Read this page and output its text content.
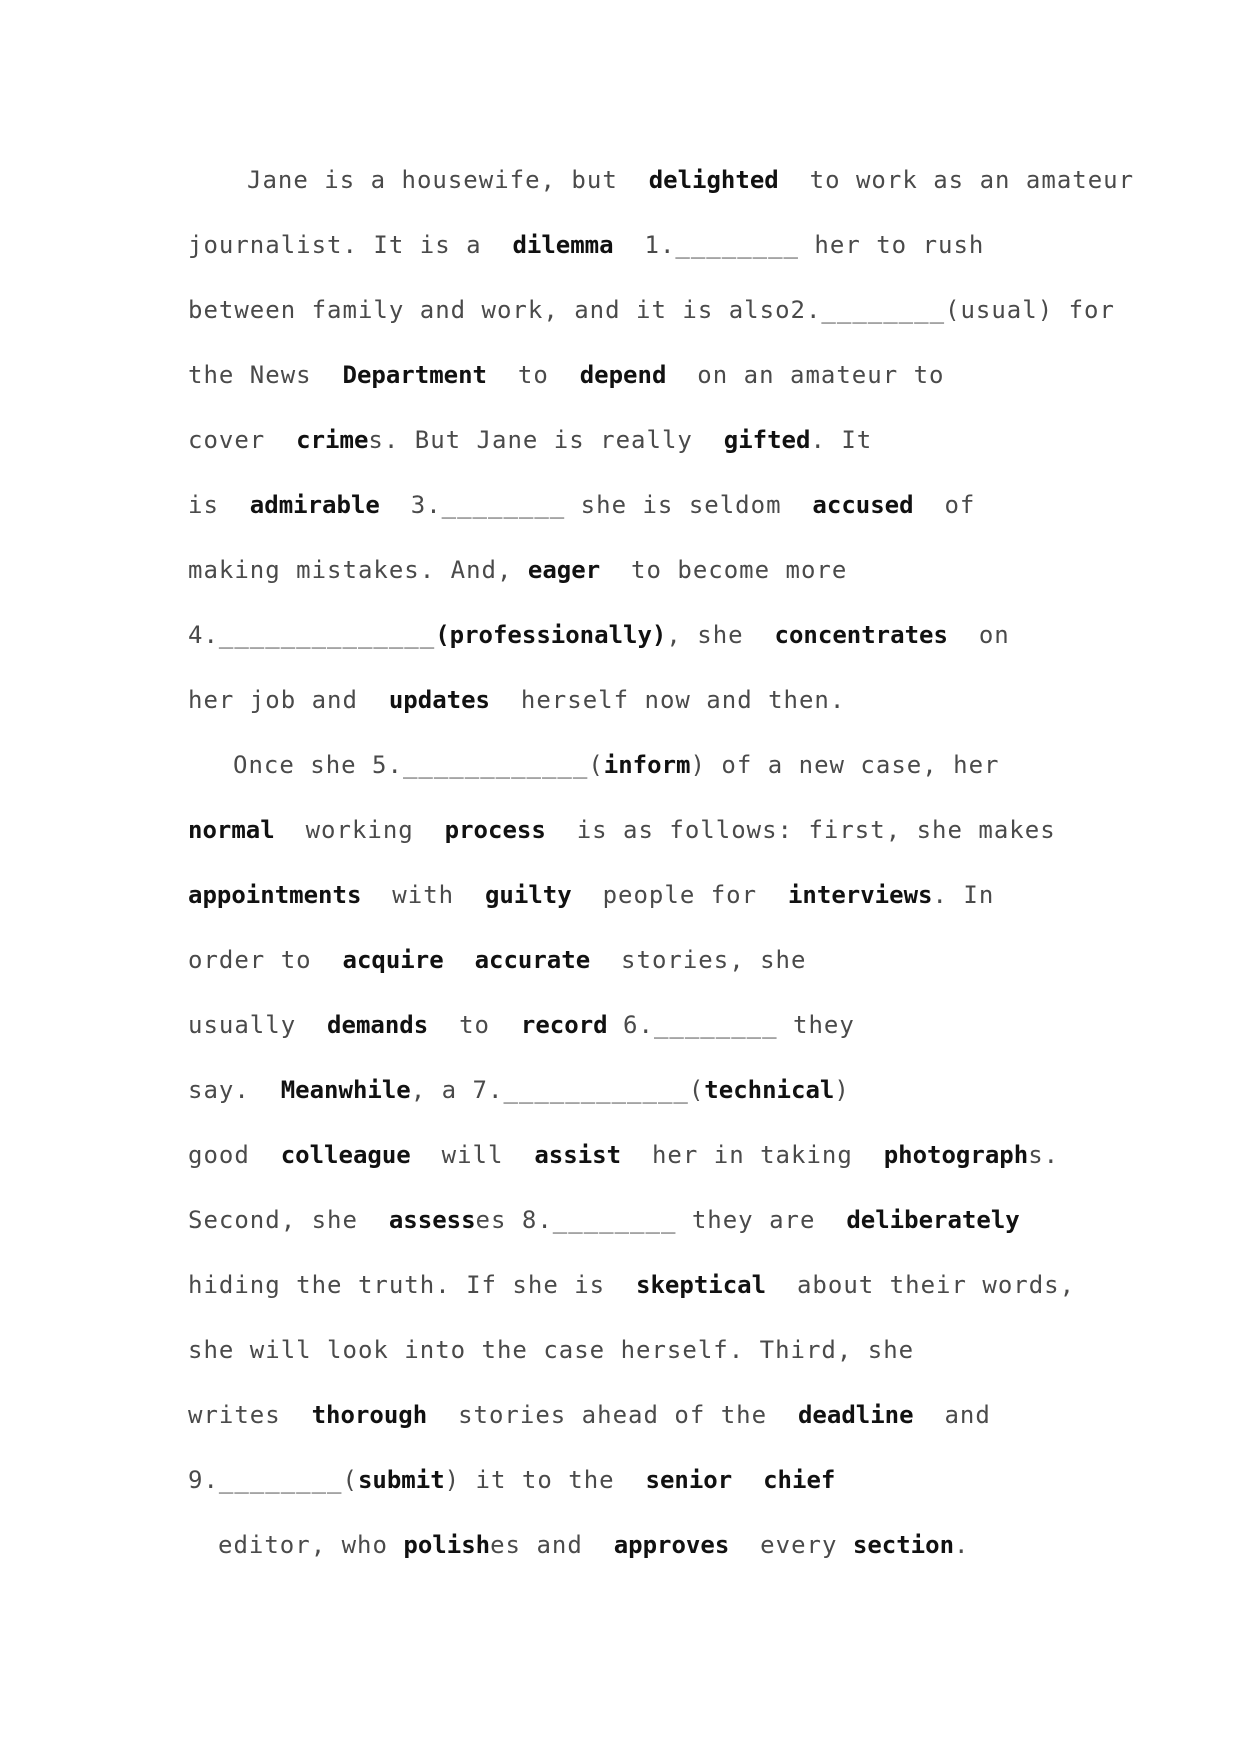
Jane is a housewife, but  delighted  to work as an amateur
journalist. It is a  dilemma  1.________ her to rush
between family and work, and it is also2.________(usual) for
the News  Department  to  depend  on an amateur to
cover  crimes. But Jane is really  gifted. It
is  admirable  3.________ she is seldom  accused  of
making mistakes. And, eager  to become more
4.______________(professionally), she  concentrates  on
her job and  updates  herself now and then.
Once she 5.____________(inform) of a new case, her
normal  working  process  is as follows: first, she makes
appointments  with  guilty  people for  interviews. In
order to  acquire accurate  stories, she
usually  demands  to  record 6.________ they
say.  Meanwhile, a 7.____________(technical)
good  colleague  will  assist  her in taking  photographs.
Second, she  assesses 8.________ they are  deliberately
hiding the truth. If she is  skeptical  about their words,
she will look into the case herself. Third, she
writes  thorough  stories ahead of the  deadline  and
9.________(submit) it to the  senior chief
editor, who polishes and  approves  every section.
